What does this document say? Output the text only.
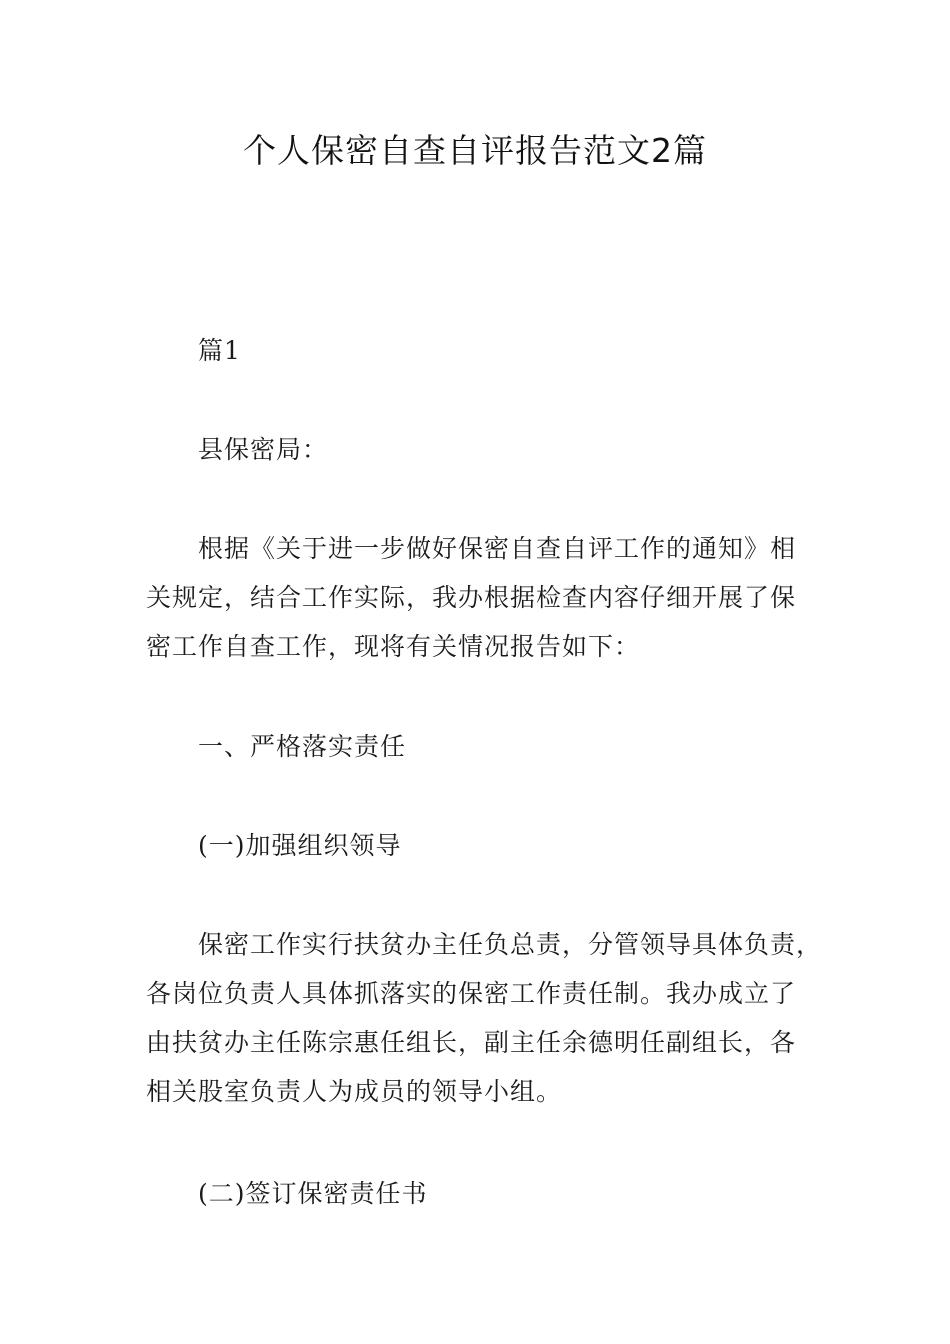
个人保密自查自评报告范文2篇

篇1

县保密局：

根据《关于进一步做好保密自查自评工作的通知》相
关规定，结合工作实际，我办根据检查内容仔细开展了保
密工作自查工作，现将有关情况报告如下：

一、严格落实责任

(一)加强组织领导

保密工作实行扶贫办主任负总责，分管领导具体负责，
各岗位负责人具体抓落实的保密工作责任制。我办成立了
由扶贫办主任陈宗惠任组长，副主任余德明任副组长，各
相关股室负责人为成员的领导小组。

(二)签订保密责任书
